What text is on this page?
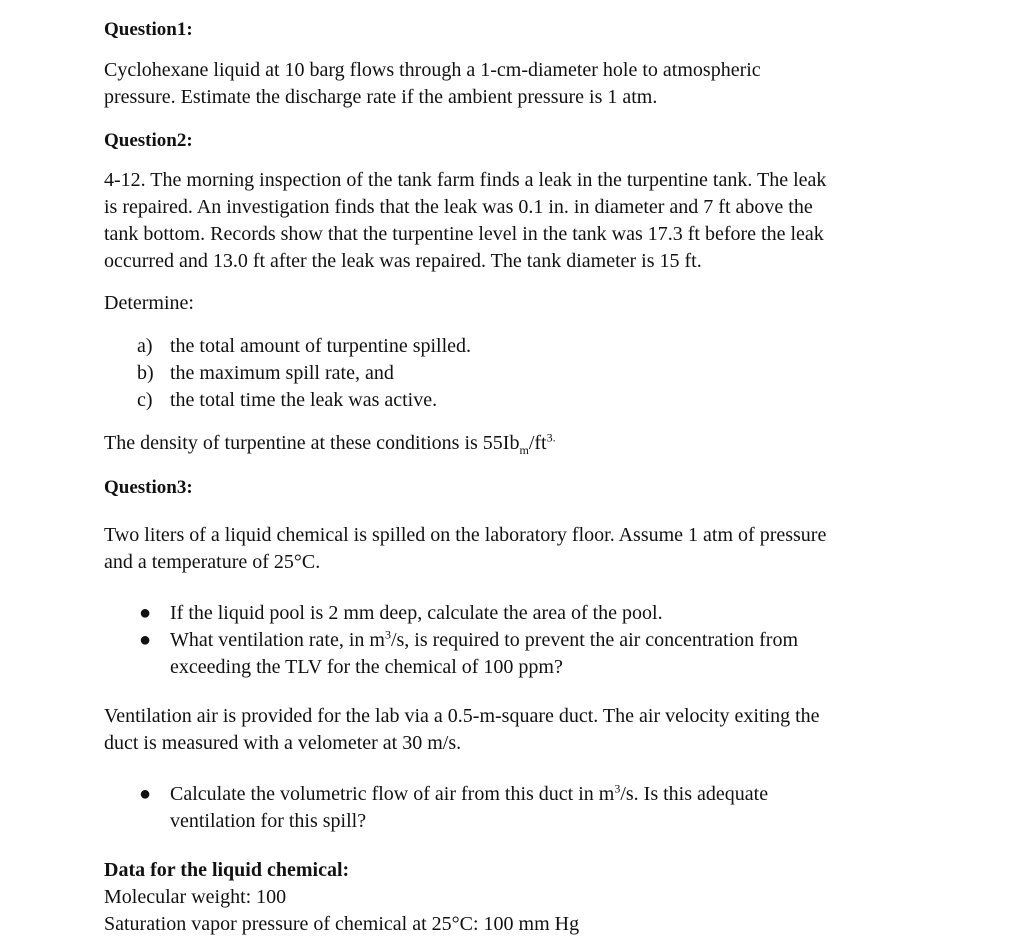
Question1:
Cyclohexane liquid at 10 barg flows through a 1-cm-diameter hole to atmospheric
pressure. Estimate the discharge rate if the ambient pressure is 1 atm.
Question2:
4-12. The morning inspection of the tank farm finds a leak in the turpentine tank. The leak
is repaired. An investigation finds that the leak was 0.1 in. in diameter and 7 ft above the
tank bottom. Records show that the turpentine level in the tank was 17.3 ft before the leak
occurred and 13.0 ft after the leak was repaired. The tank diameter is 15 ft.
Determine:
a) the total amount of turpentine spilled.
b) the maximum spill rate, and
c) the total time the leak was active.
The density of turpentine at these conditions is $55Ib_m/ft^{3.}$
Question3:
Two liters of a liquid chemical is spilled on the laboratory floor. Assume 1 atm of pressure
and a temperature of 25°C.
● If the liquid pool is 2 mm deep, calculate the area of the pool.
● What ventilation rate, in $m^3/s$, is required to prevent the air concentration from
exceeding the TLV for the chemical of 100 ppm?
Ventilation air is provided for the lab via a 0.5-m-square duct. The air velocity exiting the
duct is measured with a velometer at 30 m/s.
● Calculate the volumetric flow of air from this duct in $m^3/s$. Is this adequate
ventilation for this spill?
Data for the liquid chemical:
Molecular weight: 100
Saturation vapor pressure of chemical at 25°C: 100 mm Hg
